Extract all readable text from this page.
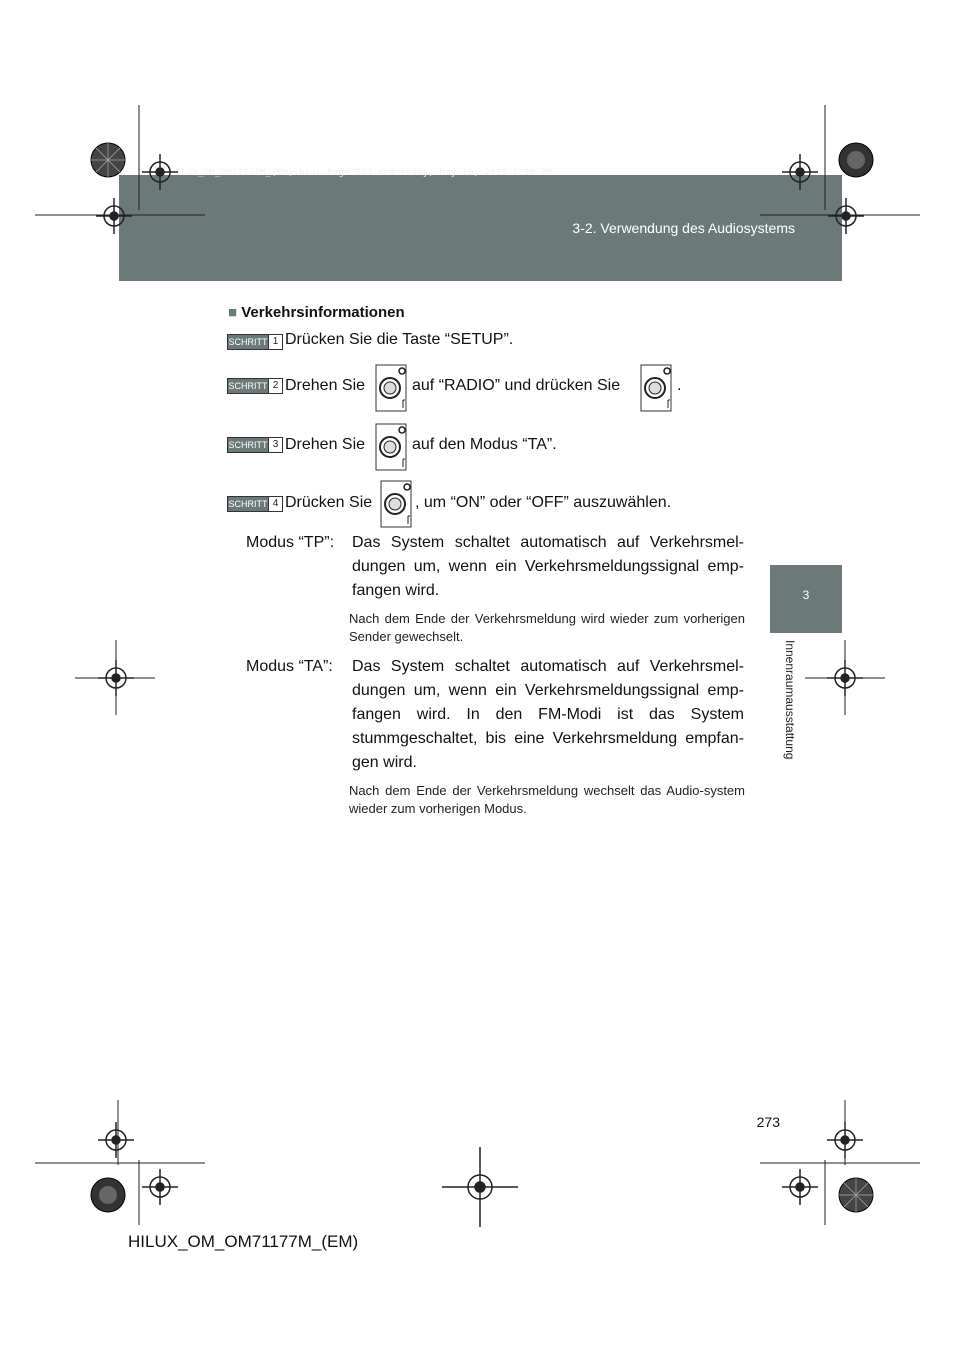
HILUX_OM_OM71177M_(EM).book Page 273 Wednesday, May 16, 2012 1:28 PM
3-2. Verwendung des Audiosystems
3
Innenraumausstattung
■ Verkehrsinformationen
SCHRITT 1 Drücken Sie die Taste “SETUP”.
SCHRITT 2 Drehen Sie	auf “RADIO” und drücken Sie	.
SCHRITT 3 Drehen Sie	auf den Modus “TA”.
SCHRITT 4 Drücken Sie	, um “ON” oder “OFF” auszuwählen.
Modus “TP”: Das System schaltet automatisch auf Verkehrsmel-dungen um, wenn ein Verkehrsmeldungssignal emp-fangen wird.
Nach dem Ende der Verkehrsmeldung wird wieder zum vorherigen Sender gewechselt.
Modus “TA”: Das System schaltet automatisch auf Verkehrsmel-dungen um, wenn ein Verkehrsmeldungssignal emp-fangen wird. In den FM-Modi ist das System stummgeschaltet, bis eine Verkehrsmeldung empfan-gen wird.
Nach dem Ende der Verkehrsmeldung wechselt das Audio-system wieder zum vorherigen Modus.
273
HILUX_OM_OM71177M_(EM)
